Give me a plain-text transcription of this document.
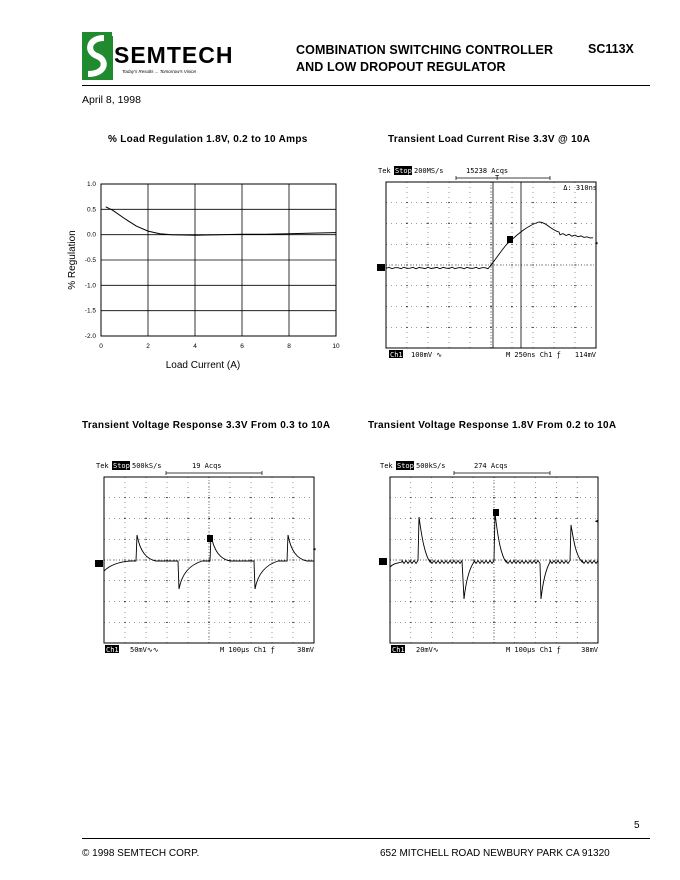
SEMTECH
Today's Results ... Tomorrow's Vision
COMBINATION SWITCHING CONTROLLER
AND LOW DROPOUT REGULATOR
SC113X
April 8, 1998
% Load Regulation 1.8V, 0.2 to 10 Amps	Transient Load Current Rise 3.3V @ 10A
Transient Voltage Response 3.3V From 0.3 to 10A	Transient Voltage Response 1.8V From 0.2 to 10A
1.0
0.5
0.0
-0.5
-1.0
-1.5
-2.0
0	2	4	6	8	10
% Regulation
Load Current (A)
Tek Stop 200MS/s	15238 Acqs
T
Δ: 310ns
◂
Ch1 100mV ∿	M 250ns Ch1 ƒ 114mV
Tek Stop 500kS/s	19 Acqs
◂
Ch1 50mV∿∿	M 100μs Ch1 ƒ	38mV
Tek Stop 500kS/s	274 Acqs
◂
Ch1 20mV∿	M 100μs Ch1 ƒ	38mV
5
© 1998 SEMTECH CORP.	652 MITCHELL ROAD NEWBURY PARK CA 91320
